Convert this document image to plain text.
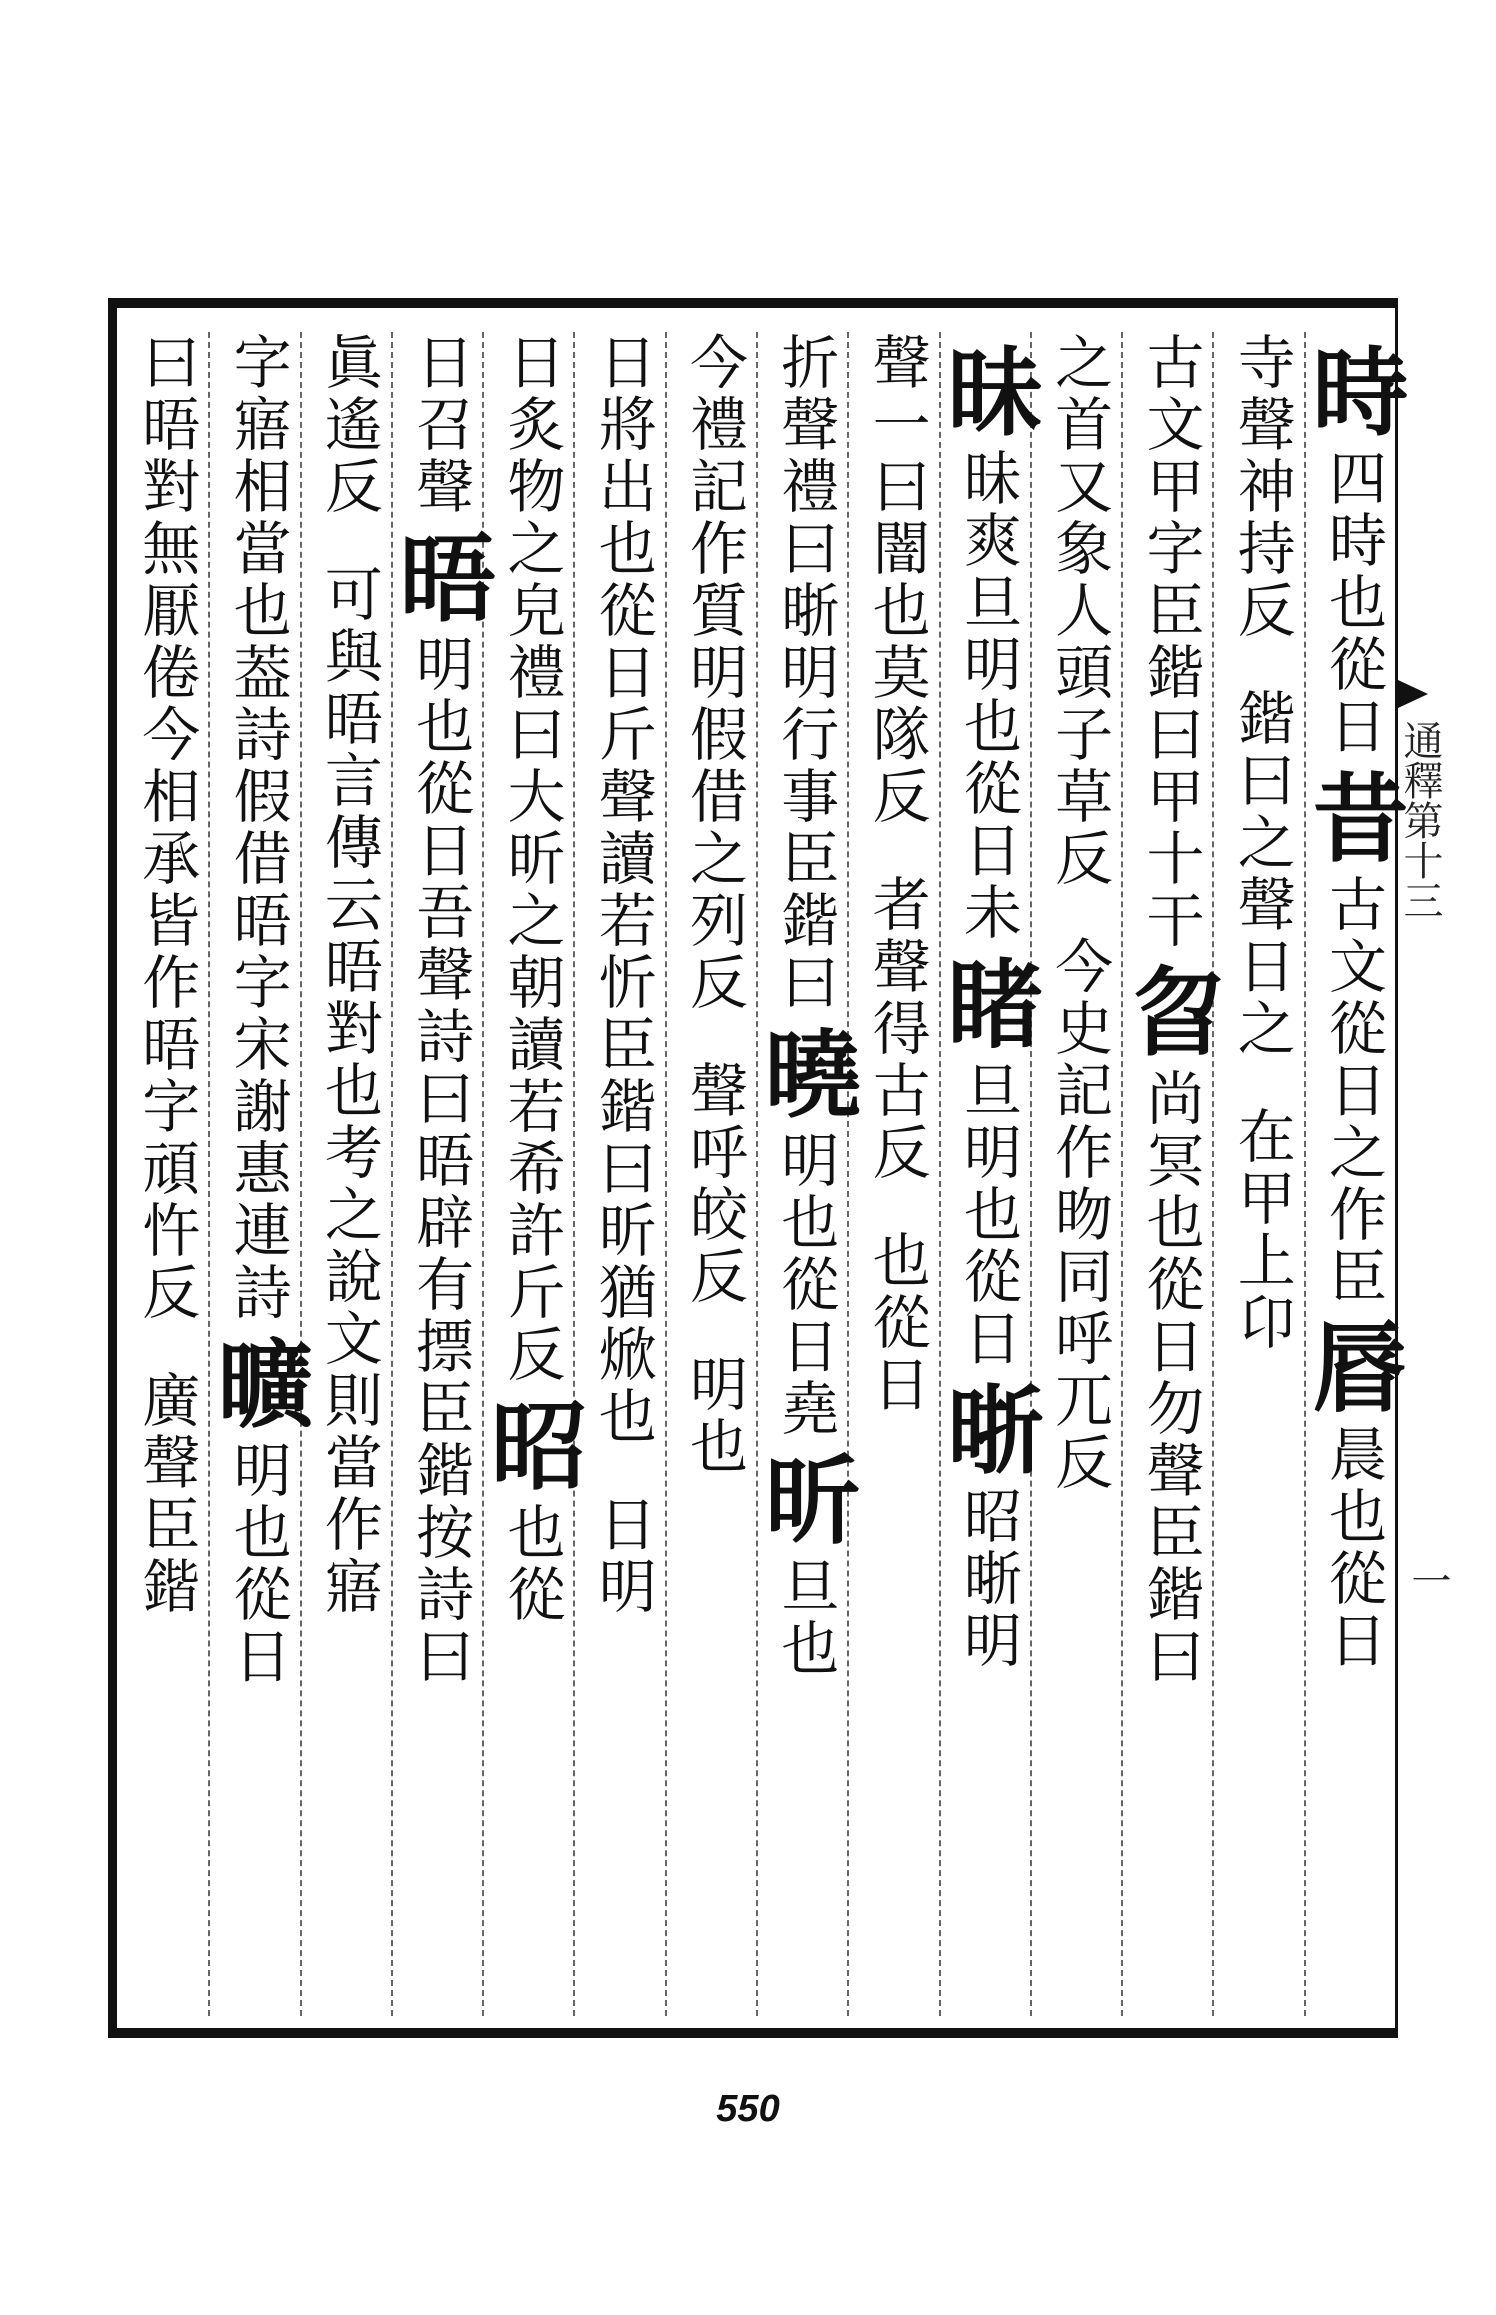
時四時也從日昔古文從日之作臣㫳晨也從日
寺聲神持反鍇曰之聲日之在甲上卬
古文甲字臣鍇曰甲十干曶尚冥也從日勿聲臣鍇曰
之首又象人頭子草反今史記作昒同呼兀反
昧昧爽旦明也從日未睹旦明也從日晣昭晣明
聲一曰闇也莫隊反者聲得古反也從日
折聲禮曰晣明行事臣鍇曰曉明也從日堯昕旦也
今禮記作質明假借之列反聲呼皎反明也
日將出也從日斤聲讀若忻臣鍇曰昕猶焮也日明
日炙物之皃禮曰大昕之朝讀若希許斤反昭也從
日召聲晤明也從日吾聲詩曰晤辟有摽臣鍇按詩曰
眞遙反可與晤言傳云晤對也考之說文則當作寤
字寤相當也葢詩假借晤字宋謝惠連詩曠明也從日
曰晤對無厭倦今相承皆作晤字頑忤反廣聲臣鍇
通釋第十三
一
550
